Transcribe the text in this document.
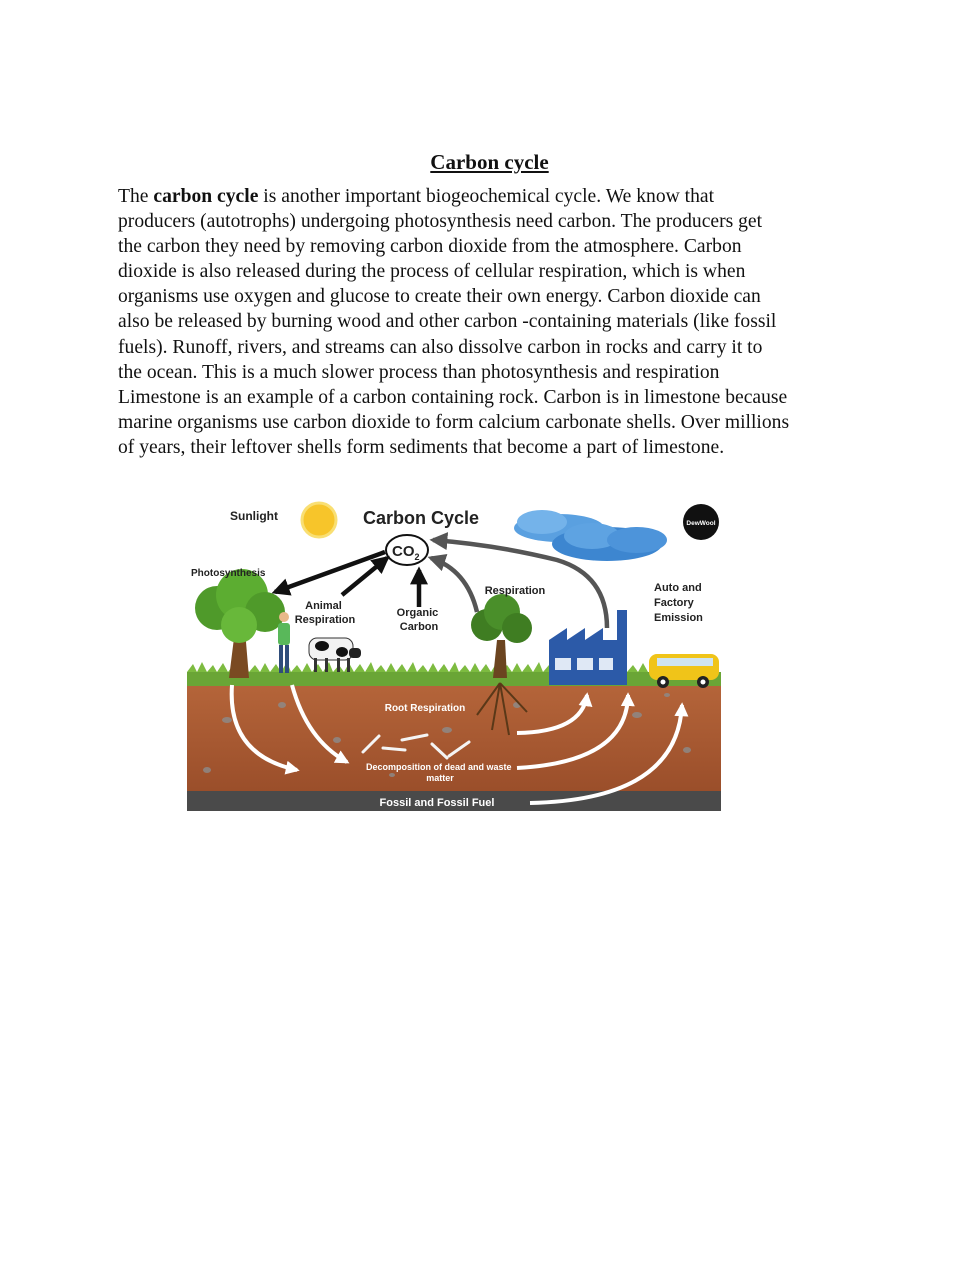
Carbon cycle
The carbon cycle is another important biogeochemical cycle. We know that
producers (autotrophs) undergoing photosynthesis need carbon. The producers get
the carbon they need by removing carbon dioxide from the atmosphere. Carbon
dioxide is also released during the process of cellular respiration, which is when
organisms use oxygen and glucose to create their own energy. Carbon dioxide can
also be released by burning wood and other carbon -containing materials (like fossil
fuels). Runoff, rivers, and streams can also dissolve carbon in rocks and carry it to
the ocean. This is a much slower process than photosynthesis and respiration
Limestone is an example of a carbon containing rock. Carbon is in limestone because
marine organisms use carbon dioxide to form calcium carbonate shells. Over millions
of years, their leftover shells form sediments that become a part of limestone.
DewWool
Carbon Cycle
$CO_2$
Sunlight
Photosynthesis
Animal Respiration
Organic Carbon
Respiration	Auto and Factory Emission
Root Respiration
Decomposition of dead and waste matter
Fossil and Fossil Fuel
